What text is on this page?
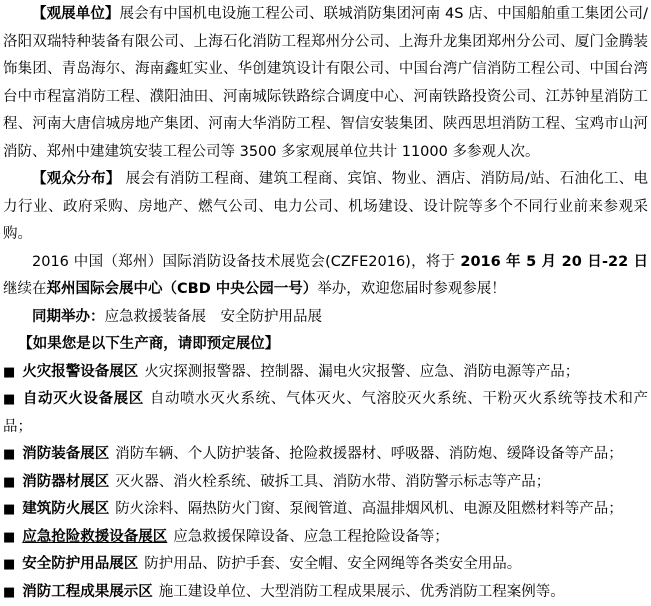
【观展单位】展会有中国机电设施工程公司、联城消防集团河南 4S 店、中国船舶重工集团公司/洛阳双瑞特种装备有限公司、上海石化消防工程郑州分公司、上海升龙集团郑州分公司、厦门金腾装饰集团、青岛海尔、海南鑫虹实业、华创建筑设计有限公司、中国台湾广信消防工程公司、中国台湾台中市程富消防工程、濮阳油田、河南城际铁路综合调度中心、河南铁路投资公司、江苏钟星消防工程、河南大唐信城房地产集团、河南大华消防工程、智信安装集团、陕西思坦消防工程、宝鸡市山河消防、郑州中建建筑安装工程公司等 3500 多家观展单位共计 11000 多参观人次。

【观众分布】 展会有消防工程商、建筑工程商、宾馆、物业、酒店、消防局/站、石油化工、电力行业、政府采购、房地产、燃气公司、电力公司、机场建设、设计院等多个不同行业前来参观采购。

2016 中国（郑州）国际消防设备技术展览会(CZFE2016)，将于 2016 年 5 月 20 日-22 日继续在郑州国际会展中心（CBD 中央公园一号）举办，欢迎您届时参观参展！

同期举办：应急救援装备展　安全防护用品展

【如果您是以下生产商，请即预定展位】

■ 火灾报警设备展区 火灾探测报警器、控制器、漏电火灾报警、应急、消防电源等产品；

■ 自动灭火设备展区 自动喷水灭火系统、气体灭火、气溶胶灭火系统、干粉灭火系统等技术和产品；

■ 消防装备展区 消防车辆、个人防护装备、抢险救援器材、呼吸器、消防炮、缓降设备等产品；

■ 消防器材展区 灭火器、消火栓系统、破拆工具、消防水带、消防警示标志等产品；

■ 建筑防火展区 防火涂料、隔热防火门窗、泵阀管道、高温排烟风机、电源及阻燃材料等产品；

■ 应急抢险救援设备展区 应急救援保障设备、应急工程抢险设备等；

■ 安全防护用品展区 防护用品、防护手套、安全帽、安全网绳等各类安全用品。

■ 消防工程成果展示区 施工建设单位、大型消防工程成果展示、优秀消防工程案例等。
